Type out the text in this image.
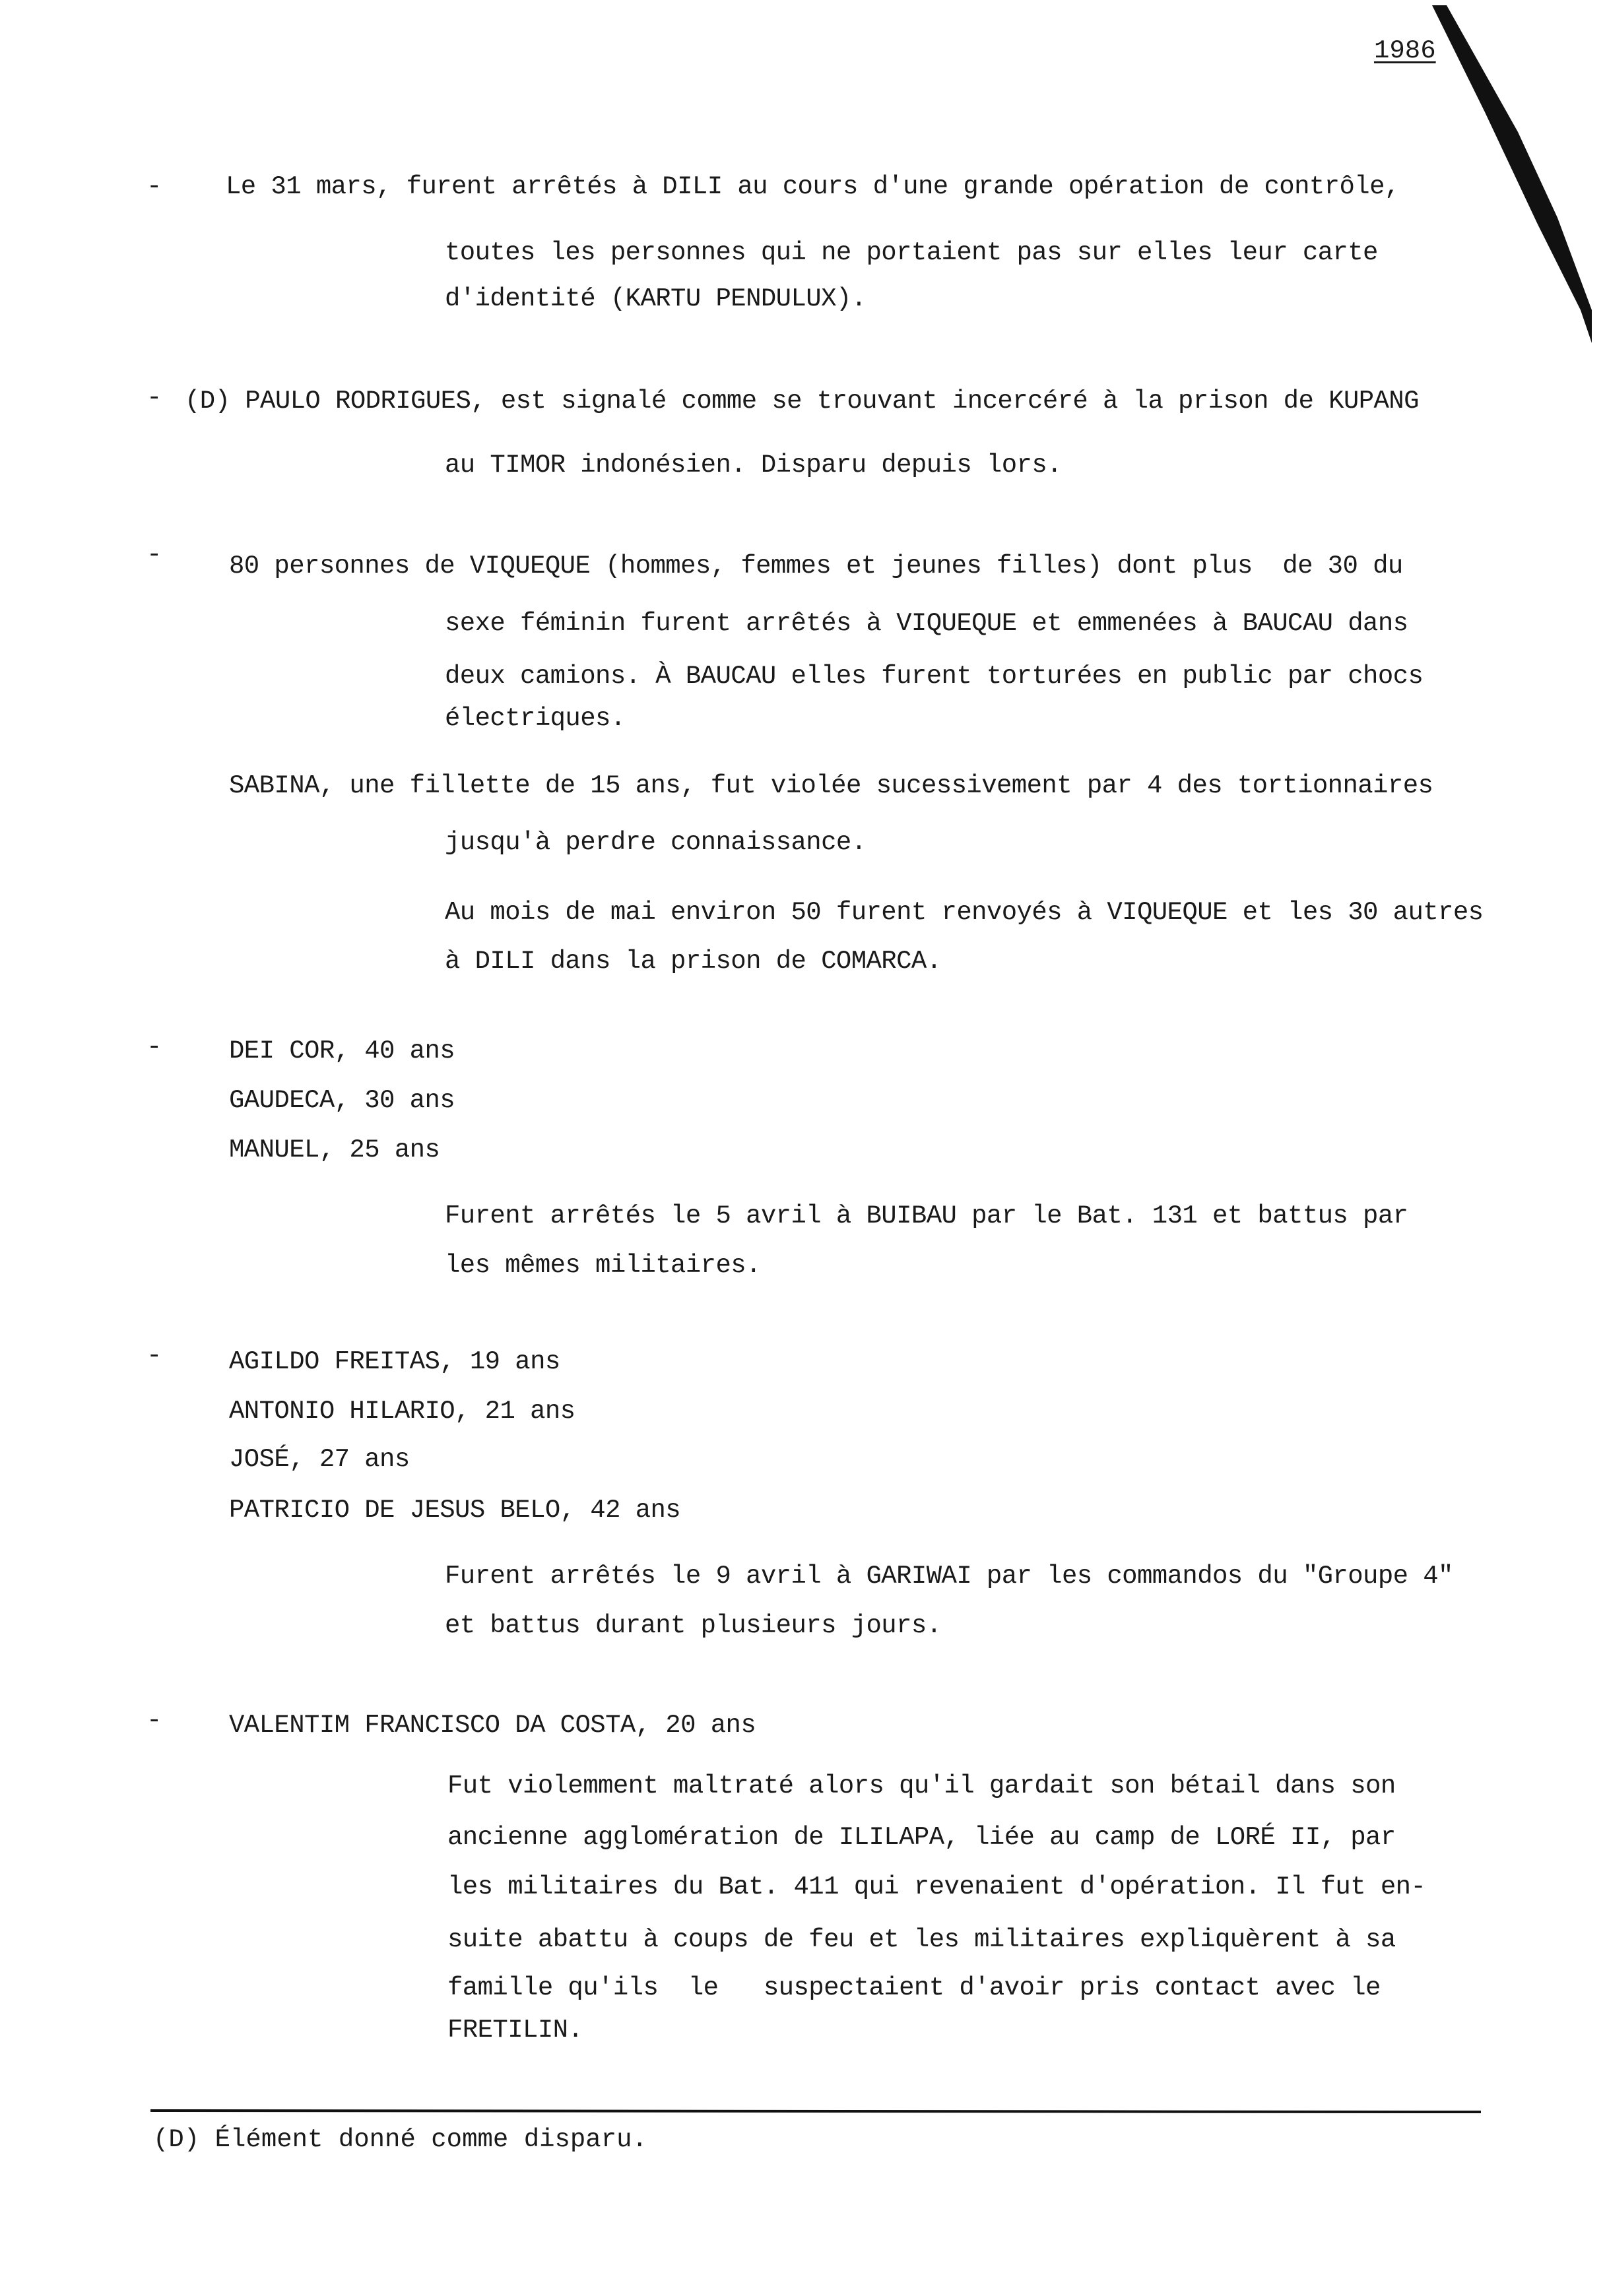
1986
- Le 31 mars, furent arrêtés à DILI au cours d'une grande opération de contrôle,
toutes les personnes qui ne portaient pas sur elles leur carte
d'identité (KARTU PENDULUX).
- (D) PAULO RODRIGUES, est signalé comme se trouvant incercéré à la prison de KUPANG
au TIMOR indonésien. Disparu depuis lors.
-	80 personnes de VIQUEQUE (hommes, femmes et jeunes filles) dont plus  de 30 du
sexe féminin furent arrêtés à VIQUEQUE et emmenées à BAUCAU dans
deux camions. À BAUCAU elles furent torturées en public par chocs
électriques.
SABINA, une fillette de 15 ans, fut violée sucessivement par 4 des tortionnaires
jusqu'à perdre connaissance.
Au mois de mai environ 50 furent renvoyés à VIQUEQUE et les 30 autres
à DILI dans la prison de COMARCA.
-	DEI COR, 40 ans
GAUDECA, 30 ans
MANUEL, 25 ans
Furent arrêtés le 5 avril à BUIBAU par le Bat. 131 et battus par
les mêmes militaires.
-	AGILDO FREITAS, 19 ans
ANTONIO HILARIO, 21 ans
JOSÉ, 27 ans
PATRICIO DE JESUS BELO, 42 ans
Furent arrêtés le 9 avril à GARIWAI par les commandos du "Groupe 4"
et battus durant plusieurs jours.
-	VALENTIM FRANCISCO DA COSTA, 20 ans
Fut violemment maltraté alors qu'il gardait son bétail dans son
ancienne agglomération de ILILAPA, liée au camp de LORÉ II, par
les militaires du Bat. 411 qui revenaient d'opération. Il fut en-
suite abattu à coups de feu et les militaires expliquèrent à sa
famille qu'ils  le   suspectaient d'avoir pris contact avec le
FRETILIN.
(D) Élément donné comme disparu.
